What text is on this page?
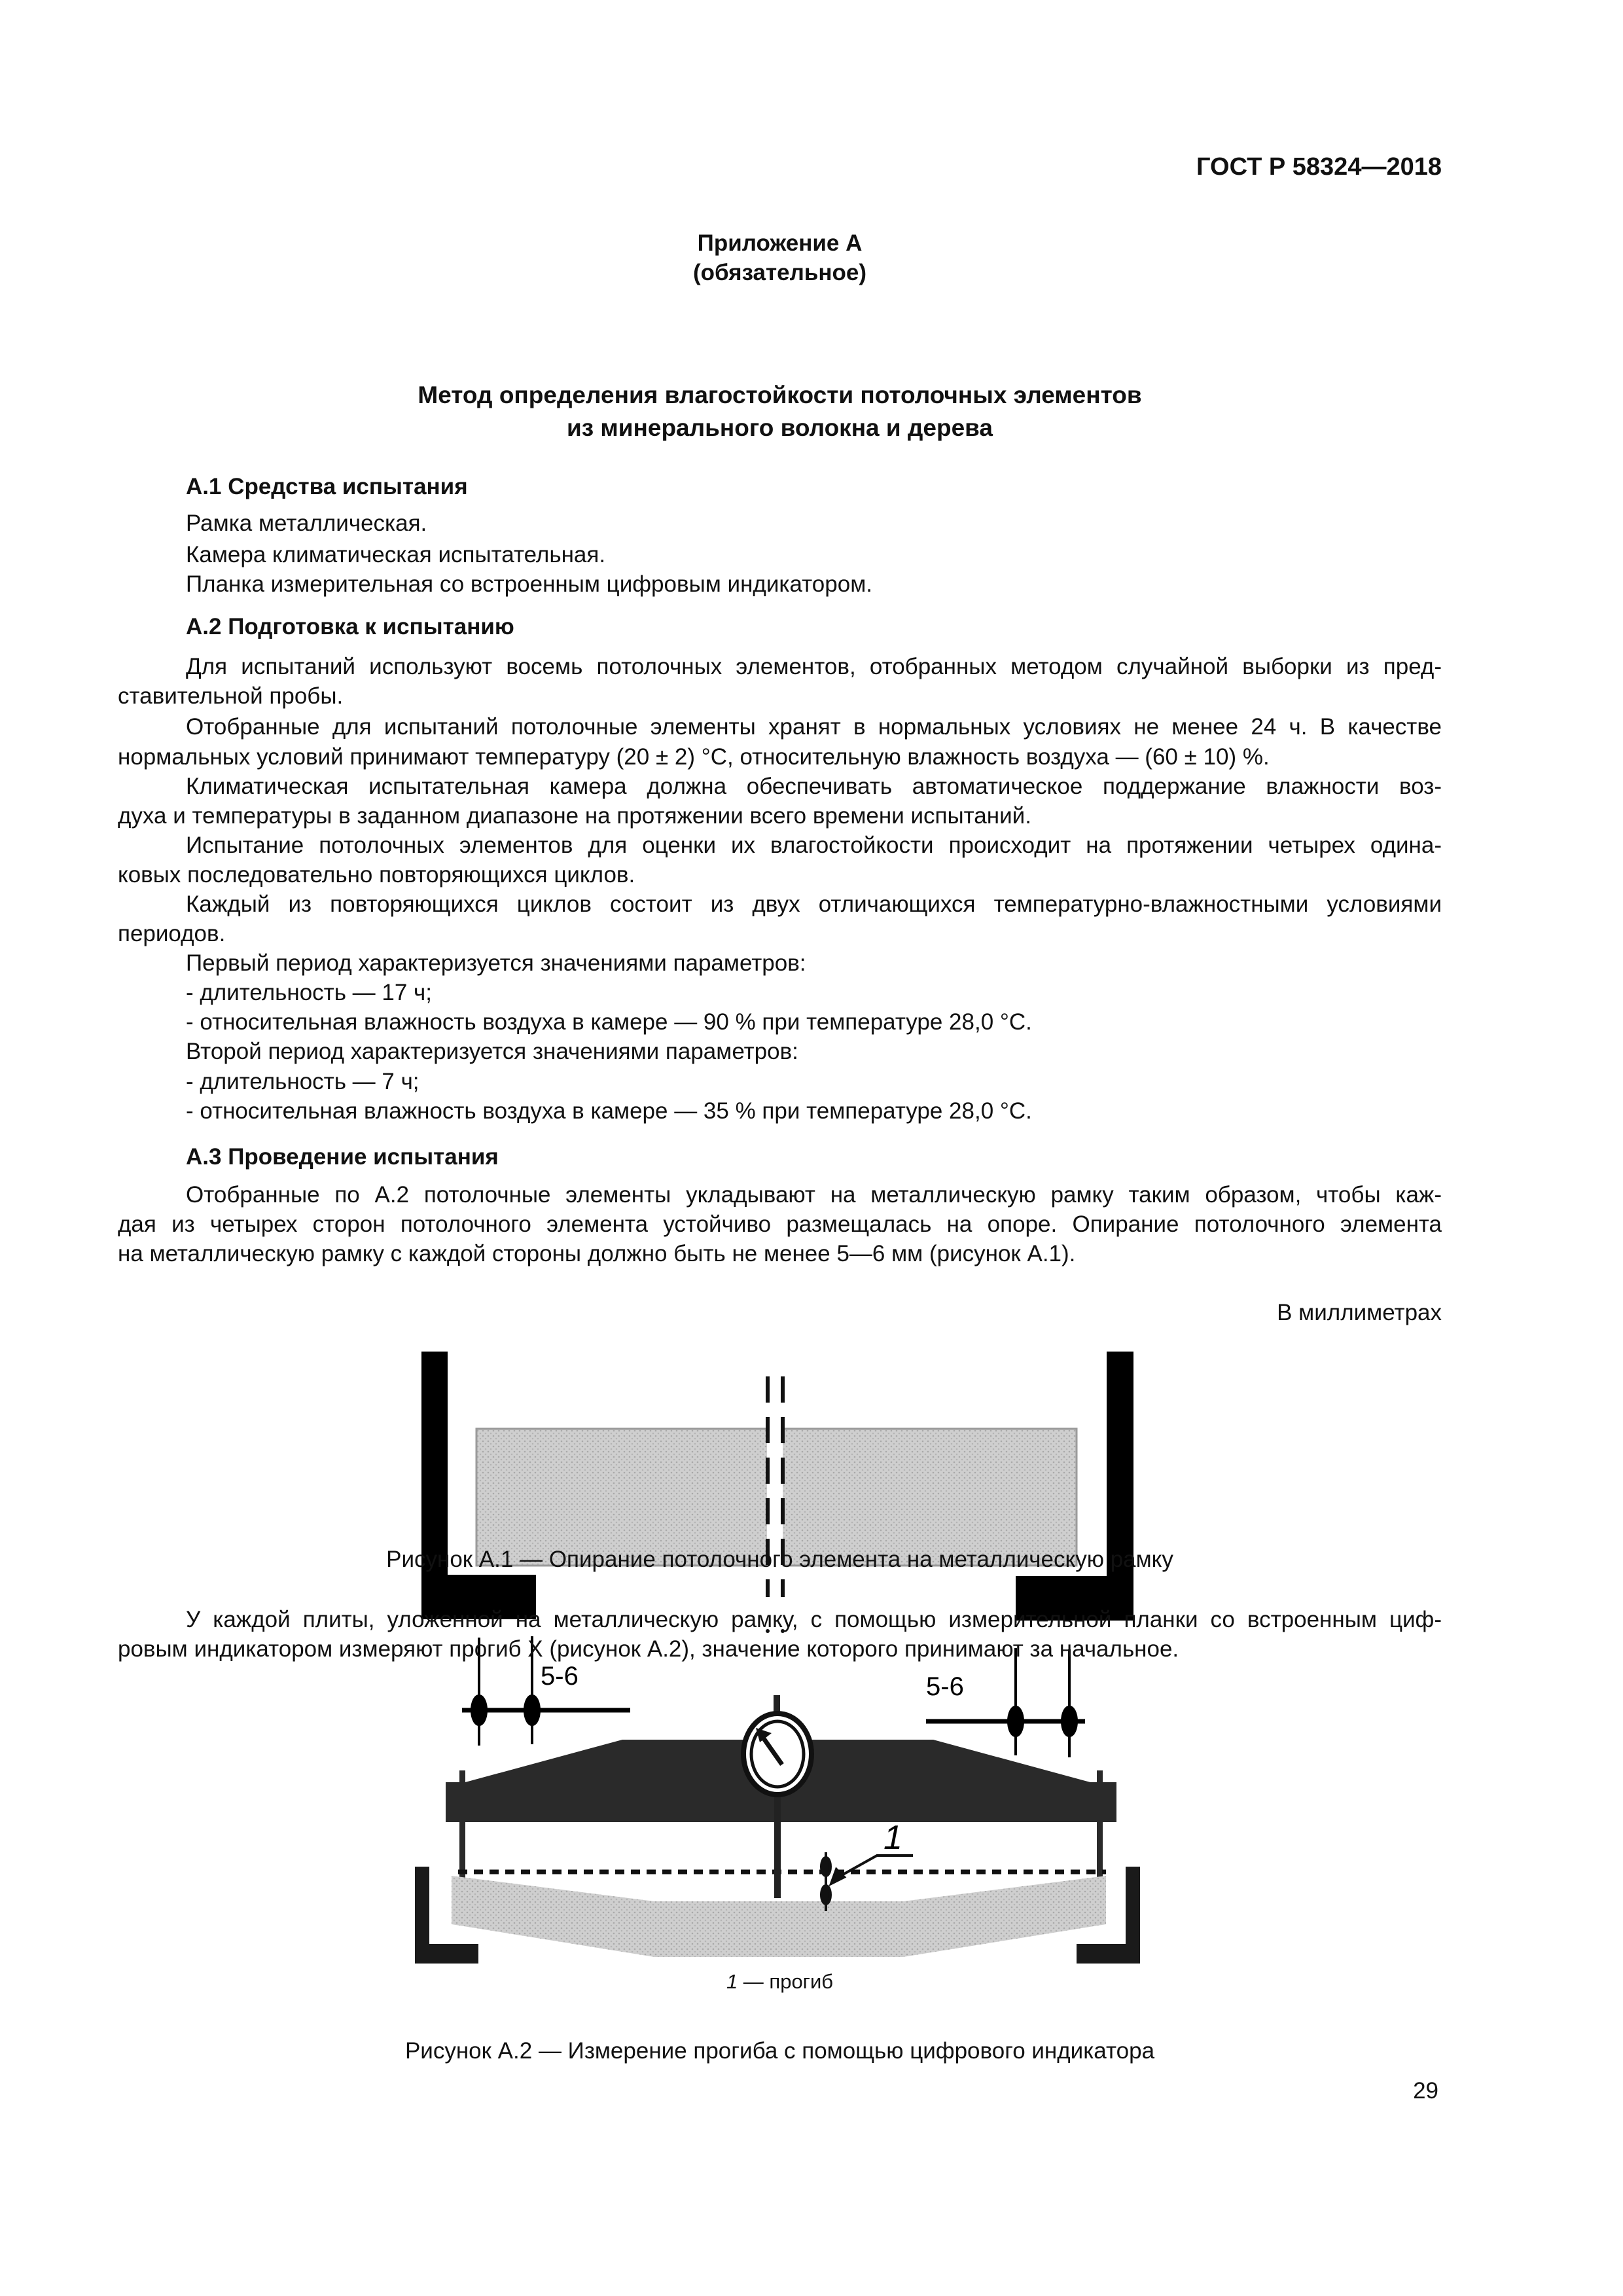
ГОСТ Р 58324—2018
Приложение А
(обязательное)
Метод определения влагостойкости потолочных элементов
из минерального волокна и дерева
А.1 Средства испытания
Рамка металлическая.
Камера климатическая испытательная.
Планка измерительная со встроенным цифровым индикатором.
А.2 Подготовка к испытанию
Для испытаний используют восемь потолочных элементов, отобранных методом случайной выборки из пред-
ставительной пробы.
Отобранные для испытаний потолочные элементы хранят в нормальных условиях не менее 24 ч. В качестве
нормальных условий принимают температуру (20 ± 2) °С, относительную влажность воздуха — (60 ± 10) %.
Климатическая испытательная камера должна обеспечивать автоматическое поддержание влажности воз-
духа и температуры в заданном диапазоне на протяжении всего времени испытаний.
Испытание потолочных элементов для оценки их влагостойкости происходит на протяжении четырех одина-
ковых последовательно повторяющихся циклов.
Каждый из повторяющихся циклов состоит из двух отличающихся температурно-влажностными условиями
периодов.
Первый период характеризуется значениями параметров:
- длительность — 17 ч;
- относительная влажность воздуха в камере — 90 % при температуре 28,0 °С.
Второй период характеризуется значениями параметров:
- длительность — 7 ч;
- относительная влажность воздуха в камере — 35 % при температуре 28,0 °С.
А.3 Проведение испытания
Отобранные по А.2 потолочные элементы укладывают на металлическую рамку таким образом, чтобы каж-
дая из четырех сторон потолочного элемента устойчиво размещалась на опоре. Опирание потолочного элемента
на металлическую рамку с каждой стороны должно быть не менее 5—6 мм (рисунок А.1).
В миллиметрах
5-6	5-6
1
Рисунок А.1 — Опирание потолочного элемента на металлическую рамку
У каждой плиты, уложенной на металлическую рамку, с помощью измерительной планки со встроенным циф-
ровым индикатором измеряют прогиб X (рисунок А.2), значение которого принимают за начальное.
1 — прогиб
Рисунок А.2 — Измерение прогиба с помощью цифрового индикатора
29
